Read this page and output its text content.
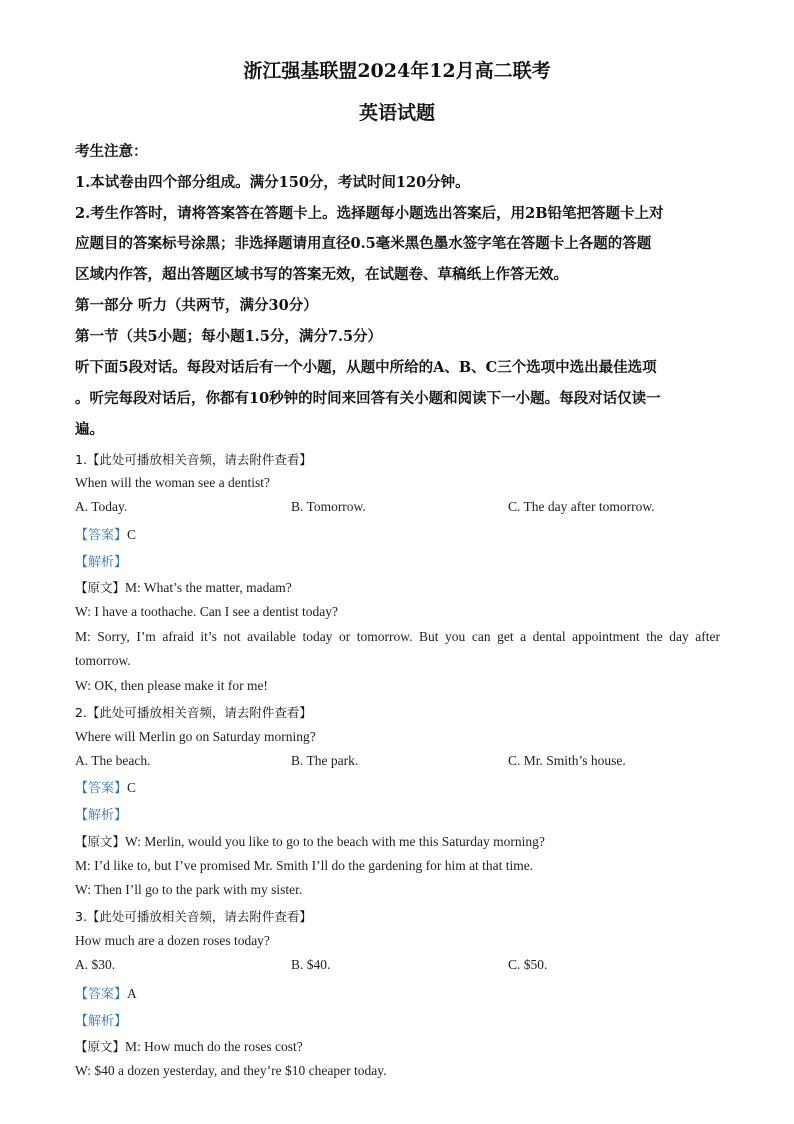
浙江强基联盟2024年12月高二联考
英语试题
考生注意：
1.本试卷由四个部分组成。满分150分，考试时间120分钟。
2.考生作答时，请将答案答在答题卡上。选择题每小题选出答案后，用2B铅笔把答题卡上对
应题目的答案标号涂黑；非选择题请用直径0.5毫米黑色墨水签字笔在答题卡上各题的答题
区域内作答，超出答题区域书写的答案无效，在试题卷、草稿纸上作答无效。
第一部分 听力（共两节，满分30分）
第一节（共5小题；每小题1.5分，满分7.5分）
听下面5段对话。每段对话后有一个小题，从题中所给的A、B、C三个选项中选出最佳选项
。听完每段对话后，你都有10秒钟的时间来回答有关小题和阅读下一小题。每段对话仅读一
遍。
1.【此处可播放相关音频，请去附件查看】
When will the woman see a dentist?
A. Today.	B. Tomorrow.	C. The day after tomorrow.
【答案】C
【解析】
【原文】M: What’s the matter, madam?
W: I have a toothache. Can I see a dentist today?
M: Sorry, I’m afraid it’s not available today or tomorrow. But you can get a dental appointment the day after
tomorrow.
W: OK, then please make it for me!
2.【此处可播放相关音频，请去附件查看】
Where will Merlin go on Saturday morning?
A. The beach.	B. The park.	C. Mr. Smith’s house.
【答案】C
【解析】
【原文】W: Merlin, would you like to go to the beach with me this Saturday morning?
M: I’d like to, but I’ve promised Mr. Smith I’ll do the gardening for him at that time.
W: Then I’ll go to the park with my sister.
3.【此处可播放相关音频，请去附件查看】
How much are a dozen roses today?
A. $30.	B. $40.	C. $50.
【答案】A
【解析】
【原文】M: How much do the roses cost?
W: $40 a dozen yesterday, and they’re $10 cheaper today.
